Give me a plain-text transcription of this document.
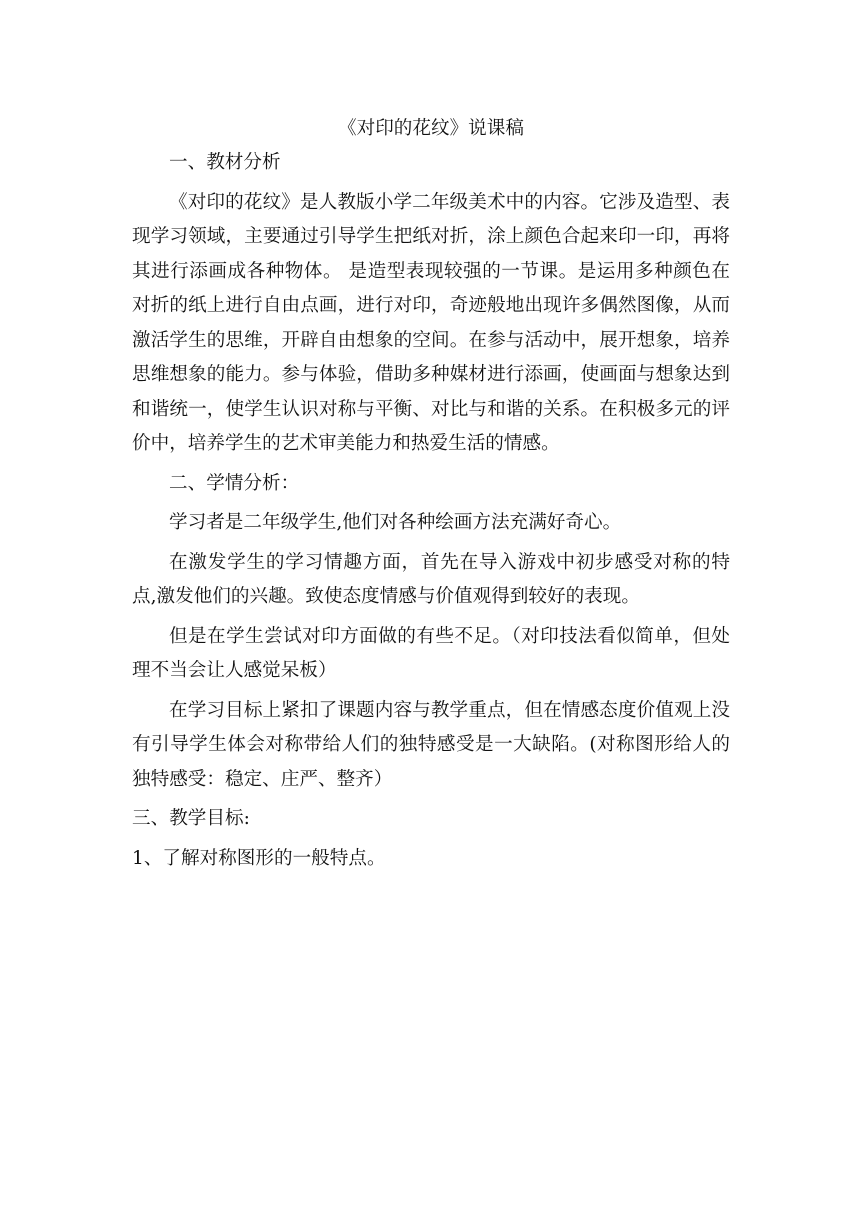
《对印的花纹》说课稿

一、教材分析

《对印的花纹》是人教版小学二年级美术中的内容。它涉及造型、表现学习领域，主要通过引导学生把纸对折，涂上颜色合起来印一印，再将其进行添画成各种物体。 是造型表现较强的一节课。是运用多种颜色在对折的纸上进行自由点画，进行对印，奇迹般地出现许多偶然图像，从而激活学生的思维，开辟自由想象的空间。在参与活动中，展开想象，培养思维想象的能力。参与体验，借助多种媒材进行添画，使画面与想象达到和谐统一，使学生认识对称与平衡、对比与和谐的关系。在积极多元的评价中，培养学生的艺术审美能力和热爱生活的情感。

二、学情分析：

学习者是二年级学生,他们对各种绘画方法充满好奇心。

在激发学生的学习情趣方面，首先在导入游戏中初步感受对称的特点,激发他们的兴趣。致使态度情感与价值观得到较好的表现。

但是在学生尝试对印方面做的有些不足。（对印技法看似简单，但处理不当会让人感觉呆板）

在学习目标上紧扣了课题内容与教学重点，但在情感态度价值观上没有引导学生体会对称带给人们的独特感受是一大缺陷。(对称图形给人的独特感受：稳定、庄严、整齐）

三、教学目标:

1、了解对称图形的一般特点。
